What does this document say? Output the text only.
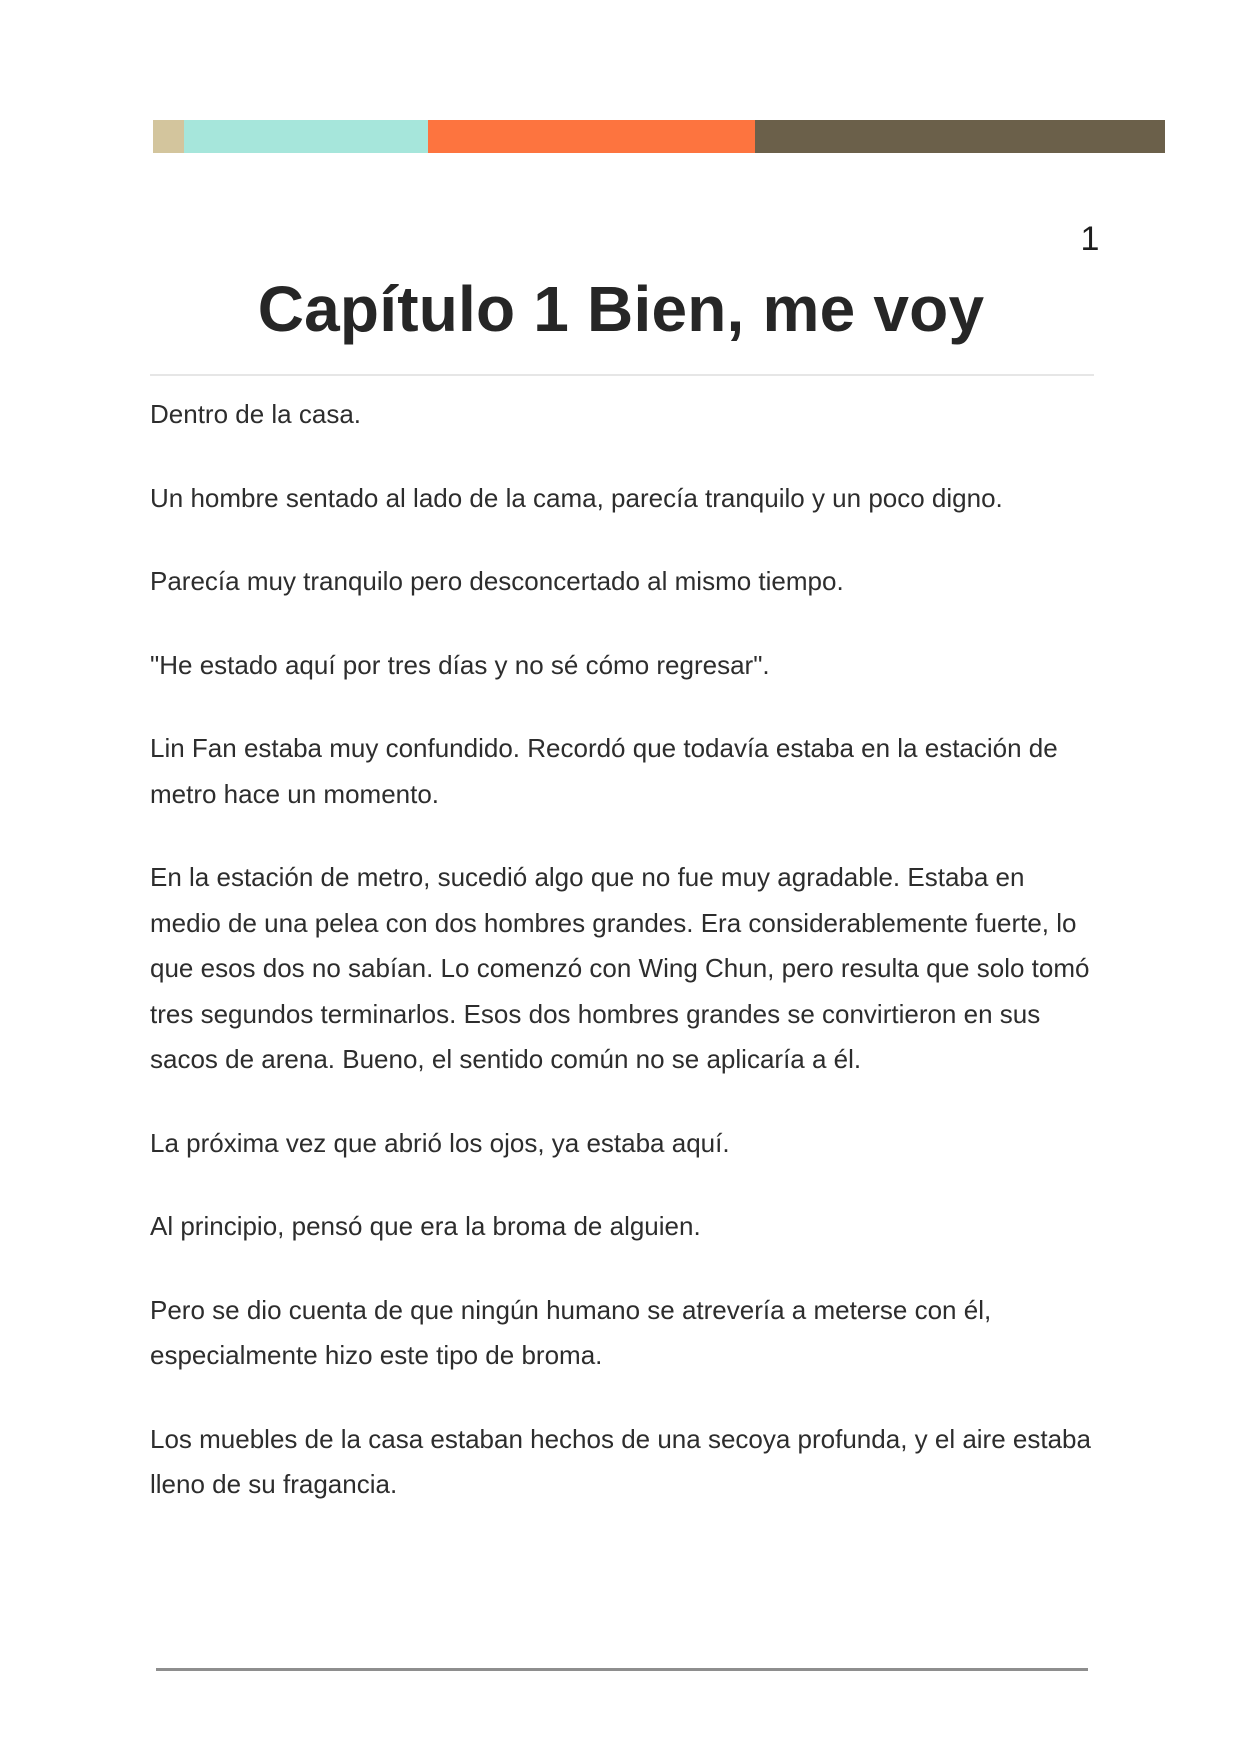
1
Capítulo 1 Bien, me voy

Dentro de la casa.

Un hombre sentado al lado de la cama, parecía tranquilo y un poco digno.

Parecía muy tranquilo pero desconcertado al mismo tiempo.

"He estado aquí por tres días y no sé cómo regresar".

Lin Fan estaba muy confundido. Recordó que todavía estaba en la estación de metro hace un momento.

En la estación de metro, sucedió algo que no fue muy agradable. Estaba en medio de una pelea con dos hombres grandes. Era considerablemente fuerte, lo que esos dos no sabían. Lo comenzó con Wing Chun, pero resulta que solo tomó tres segundos terminarlos. Esos dos hombres grandes se convirtieron en sus sacos de arena. Bueno, el sentido común no se aplicaría a él.

La próxima vez que abrió los ojos, ya estaba aquí.

Al principio, pensó que era la broma de alguien.

Pero se dio cuenta de que ningún humano se atrevería a meterse con él, especialmente hizo este tipo de broma.

Los muebles de la casa estaban hechos de una secoya profunda, y el aire estaba lleno de su fragancia.
